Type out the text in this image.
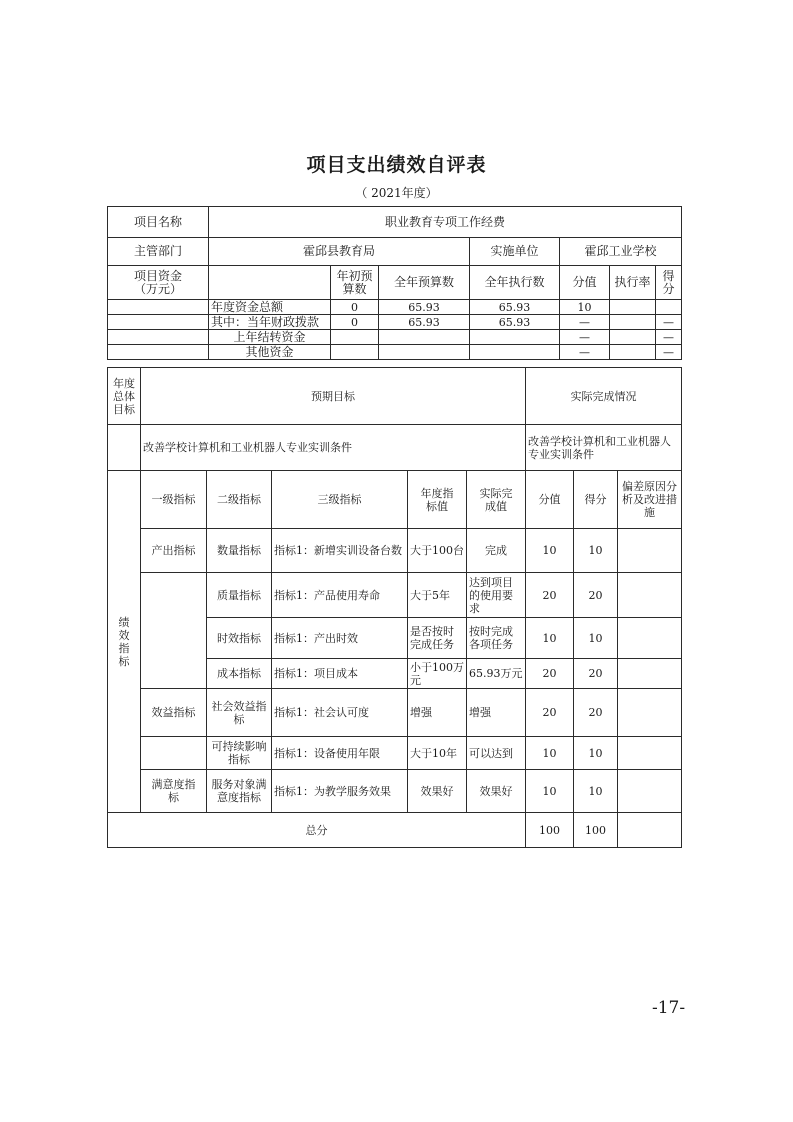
项目支出绩效自评表
（ 2021年度）
项目名称	职业教育专项工作经费						
主管部门	霍邱县教育局			实施单位	霍邱工业学校		

项目资金
（万元）		年初预算数	全年预算数	全年执行数	分值	执行率	得分
	年度资金总额	0	65.93	65.93	10		
	其中：当年财政拨款	0	65.93	65.93	—		—
	上年结转资金				—		—
	其他资金				—		—
年度总体目标	预期目标					实际完成情况		
	改善学校计算机和工业机器人专业实训条件					改善学校计算机和工业机器人专业实训条件		

绩效指标	一级指标	二级指标	三级指标	年度指标值	实际完成值	分值	得分	偏差原因分析及改进措施
	产出指标	数量指标	指标1：新增实训设备台数	大于100台	完成	10	10	
		质量指标	指标1：产品使用寿命	大于5年	达到项目的使用要求	20	20	
		时效指标	指标1：产出时效	是否按时完成任务	按时完成各项任务	10	10	
		成本指标	指标1：项目成本	小于100万元	65.93万元	20	20	
	效益指标	社会效益指标	指标1：社会认可度	增强	增强	20	20	
		可持续影响指标	指标1：设备使用年限	大于10年	可以达到	10	10	
	满意度指标	服务对象满意度指标	指标1：为教学服务效果	效果好	效果好	10	10	
总分						100	100	
-17-
